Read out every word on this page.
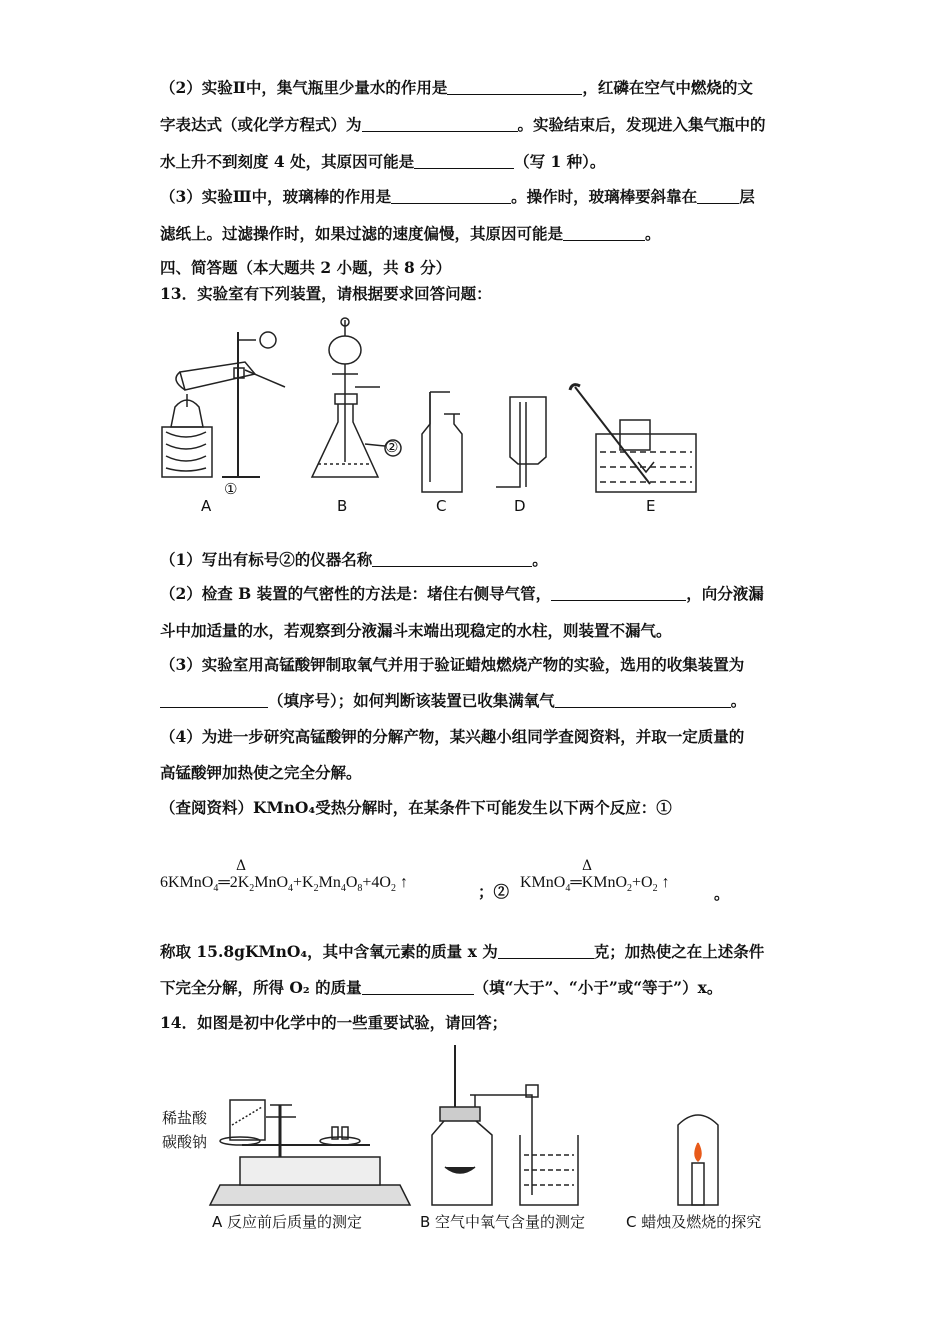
（2）实验Ⅱ中，集气瓶里少量水的作用是	，红磷在空气中燃烧的文
字表达式（或化学方程式）为	。实验结束后，发现进入集气瓶中的
水上升不到刻度 4 处，其原因可能是	（写 1 种）。
（3）实验Ⅲ中，玻璃棒的作用是	。操作时，玻璃棒要斜靠在	层
滤纸上。过滤操作时，如果过滤的速度偏慢，其原因可能是	。
四、简答题（本大题共 2 小题，共 8 分）
13．实验室有下列装置，请根据要求回答问题：
①
②
A	B	C	D	E
（1）写出有标号②的仪器名称	。
（2）检查 B 装置的气密性的方法是：堵住右侧导气管，	，向分液漏
斗中加适量的水，若观察到分液漏斗末端出现稳定的水柱，则装置不漏气。
（3）实验室用高锰酸钾制取氧气并用于验证蜡烛燃烧产物的实验，选用的收集装置为
（填序号）；如何判断该装置已收集满氧气	。
（4）为进一步研究高锰酸钾的分解产物，某兴趣小组同学查阅资料，并取一定质量的
高锰酸钾加热使之完全分解。
（查阅资料）KMnO₄受热分解时，在某条件下可能发生以下两个反应：①
Δ
$6KMnO_4═2K_2MnO_4+K_2Mn_4O_8+4O_2$ ↑	；②
Δ
$KMnO_4═KMnO_2+O_2$ ↑
。
称取 15.8gKMnO₄，其中含氧元素的质量 x 为	克；加热使之在上述条件
下完全分解，所得 O₂ 的质量	（填“大于”、“小于”或“等于”）x。
14．如图是初中化学中的一些重要试验，请回答；
稀盐酸
碳酸钠
A 反应前后质量的测定	B 空气中氧气含量的测定	C 蜡烛及燃烧的探究
